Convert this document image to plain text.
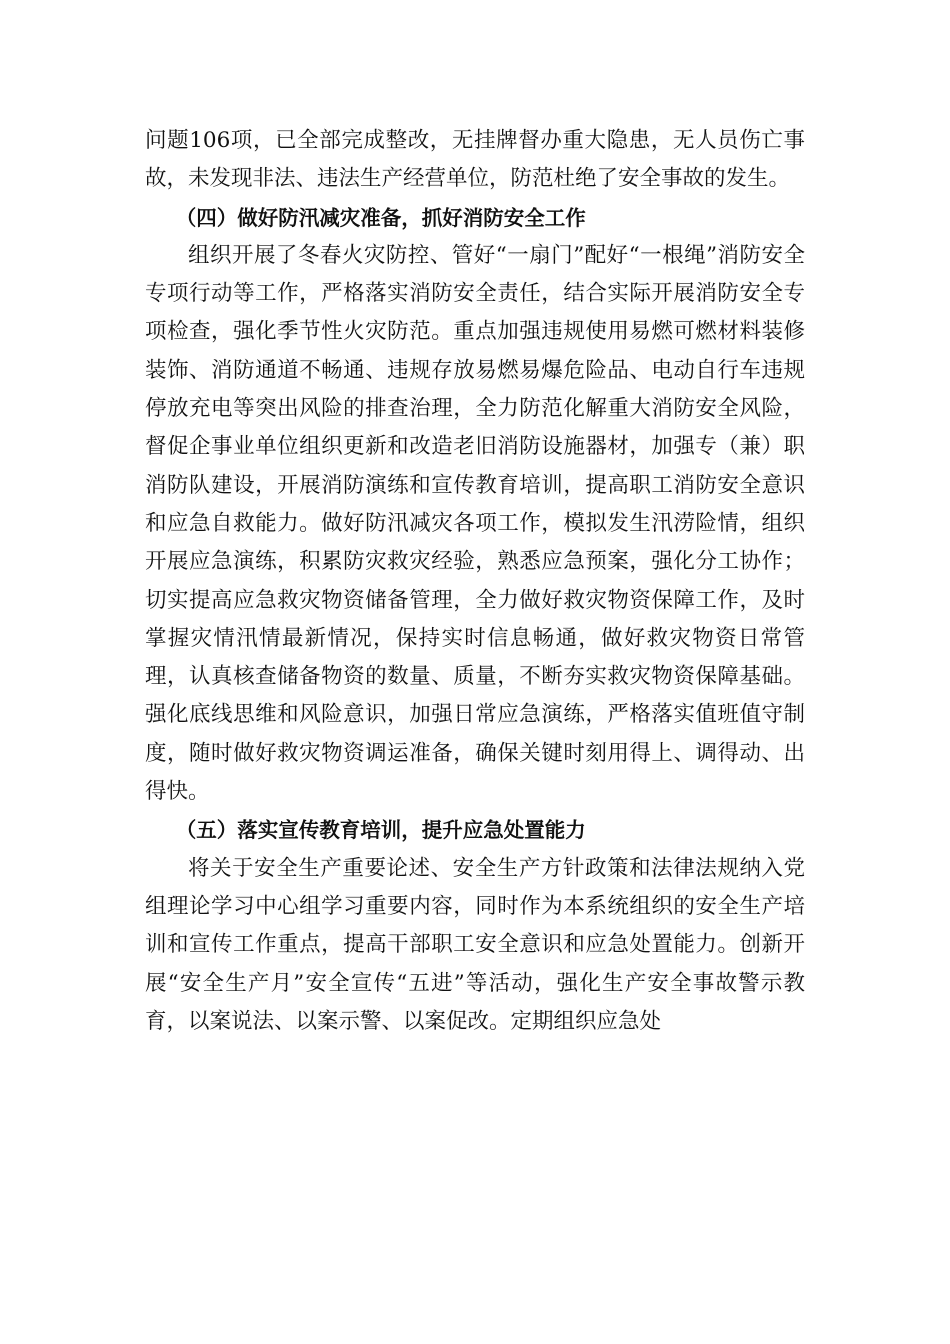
问题106项，已全部完成整改，无挂牌督办重大隐患，无人员伤亡事故，未发现非法、违法生产经营单位，防范杜绝了安全事故的发生。

（四）做好防汛减灾准备，抓好消防安全工作

组织开展了冬春火灾防控、管好“一扇门”配好“一根绳”消防安全专项行动等工作，严格落实消防安全责任，结合实际开展消防安全专项检查，强化季节性火灾防范。重点加强违规使用易燃可燃材料装修装饰、消防通道不畅通、违规存放易燃易爆危险品、电动自行车违规停放充电等突出风险的排查治理，全力防范化解重大消防安全风险，督促企事业单位组织更新和改造老旧消防设施器材，加强专（兼）职消防队建设，开展消防演练和宣传教育培训，提高职工消防安全意识和应急自救能力。做好防汛减灾各项工作，模拟发生汛涝险情，组织开展应急演练，积累防灾救灾经验，熟悉应急预案，强化分工协作；切实提高应急救灾物资储备管理，全力做好救灾物资保障工作，及时掌握灾情汛情最新情况，保持实时信息畅通，做好救灾物资日常管理，认真核查储备物资的数量、质量，不断夯实救灾物资保障基础。强化底线思维和风险意识，加强日常应急演练，严格落实值班值守制度，随时做好救灾物资调运准备，确保关键时刻用得上、调得动、出得快。

（五）落实宣传教育培训，提升应急处置能力

将关于安全生产重要论述、安全生产方针政策和法律法规纳入党组理论学习中心组学习重要内容，同时作为本系统组织的安全生产培训和宣传工作重点，提高干部职工安全意识和应急处置能力。创新开展“安全生产月”安全宣传“五进”等活动，强化生产安全事故警示教育，以案说法、以案示警、以案促改。定期组织应急处
